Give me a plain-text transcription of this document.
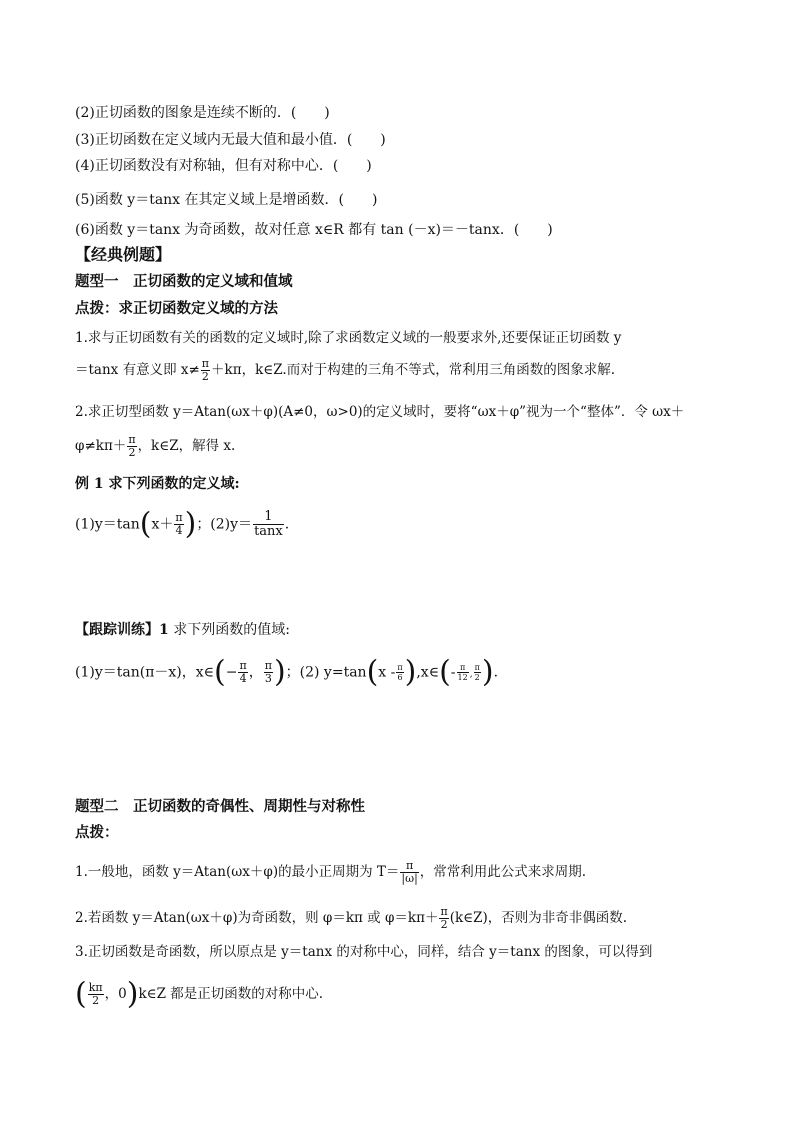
(2)正切函数的图象是连续不断的．(　　)
(3)正切函数在定义域内无最大值和最小值．(　　)
(4)正切函数没有对称轴，但有对称中心．(　　)
(5)函数 y＝tanx 在其定义域上是增函数．(　　)
(6)函数 y＝tanx 为奇函数，故对任意 x∈R 都有 tan (－x)＝－tanx．(　　)
【经典例题】
题型一　正切函数的定义域和值域
点拨：求正切函数定义域的方法
1.求与正切函数有关的函数的定义域时,除了求函数定义域的一般要求外,还要保证正切函数 y
＝tanx 有意义即 $x\ne \frac{\pi}{2} +k\pi$，k∈Z.而对于构建的三角不等式，常利用三角函数的图象求解.
2.求正切型函数 y＝Atan(ωx＋φ)(A≠0，ω>0)的定义域时，要将“ωx＋φ”视为一个“整体”．令 ωx＋
$\varphi\ne k\pi+ \frac{\pi}{2}$ ，k∈Z，解得 x.
例 1 求下列函数的定义域:
$(1)y=\tan(x+ \frac{\pi}{4}$ )；$(2)y= \frac{1}{\tan x}$ .
【跟踪训练】1 求下列函数的值域:
(1)y＝tan(π－x)，x∈(− $\frac{\pi}{4}$ ， $\frac{\pi}{3}$ )；(2) $y=\tan(x - \frac{\pi}{6}$ ),x∈(- $\frac{\pi}{12}$ , $\frac{\pi}{2}$ ).
题型二　正切函数的奇偶性、周期性与对称性
点拨：
1.一般地，函数 y＝Atan(ωx＋φ)的最小正周期为 $T= \frac{\pi}{|\omega|}$ ，常常利用此公式来求周期.
2.若函数 y＝Atan(ωx＋φ)为奇函数，则 φ＝kπ 或 $\varphi=k\pi+ \frac{\pi}{2}$ (k∈Z)，否则为非奇非偶函数.
3.正切函数是奇函数，所以原点是 y＝tanx 的对称中心，同样，结合 y＝tanx 的图象，可以得到
( $\frac{k\pi}{2}$ ，0)k∈Z 都是正切函数的对称中心.
